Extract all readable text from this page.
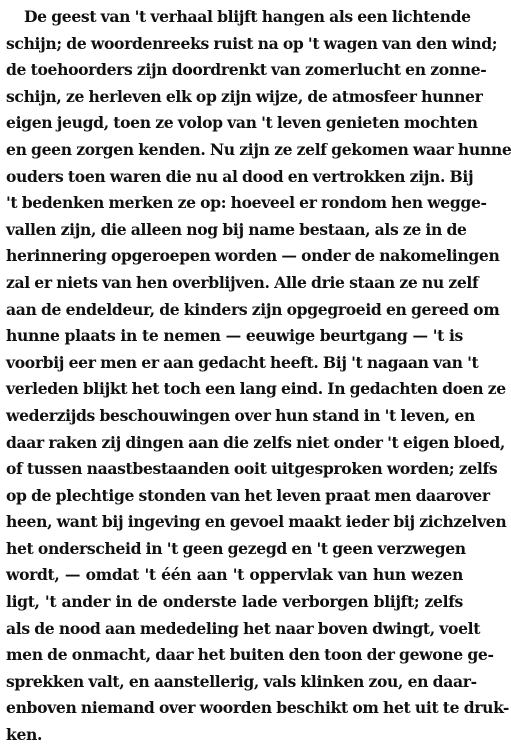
De geest van 't verhaal blijft hangen als een lichtende
schijn; de woordenreeks ruist na op 't wagen van den wind;
de toehoorders zijn doordrenkt van zomerlucht en zonne-
schijn, ze herleven elk op zijn wijze, de atmosfeer hunner
eigen jeugd, toen ze volop van 't leven genieten mochten
en geen zorgen kenden. Nu zijn ze zelf gekomen waar hunne
ouders toen waren die nu al dood en vertrokken zijn. Bij
't bedenken merken ze op: hoeveel er rondom hen wegge-
vallen zijn, die alleen nog bij name bestaan, als ze in de
herinnering opgeroepen worden — onder de nakomelingen
zal er niets van hen overblijven. Alle drie staan ze nu zelf
aan de endeldeur, de kinders zijn opgegroeid en gereed om
hunne plaats in te nemen — eeuwige beurtgang — 't is
voorbij eer men er aan gedacht heeft. Bij 't nagaan van 't
verleden blijkt het toch een lang eind. In gedachten doen ze
wederzijds beschouwingen over hun stand in 't leven, en
daar raken zij dingen aan die zelfs niet onder 't eigen bloed,
of tussen naastbestaanden ooit uitgesproken worden; zelfs
op de plechtige stonden van het leven praat men daarover
heen, want bij ingeving en gevoel maakt ieder bij zichzelven
het onderscheid in 't geen gezegd en 't geen verzwegen
wordt, — omdat 't één aan 't oppervlak van hun wezen
ligt, 't ander in de onderste lade verborgen blijft; zelfs
als de nood aan mededeling het naar boven dwingt, voelt
men de onmacht, daar het buiten den toon der gewone ge-
sprekken valt, en aanstellerig, vals klinken zou, en daar-
enboven niemand over woorden beschikt om het uit te druk-
ken.
